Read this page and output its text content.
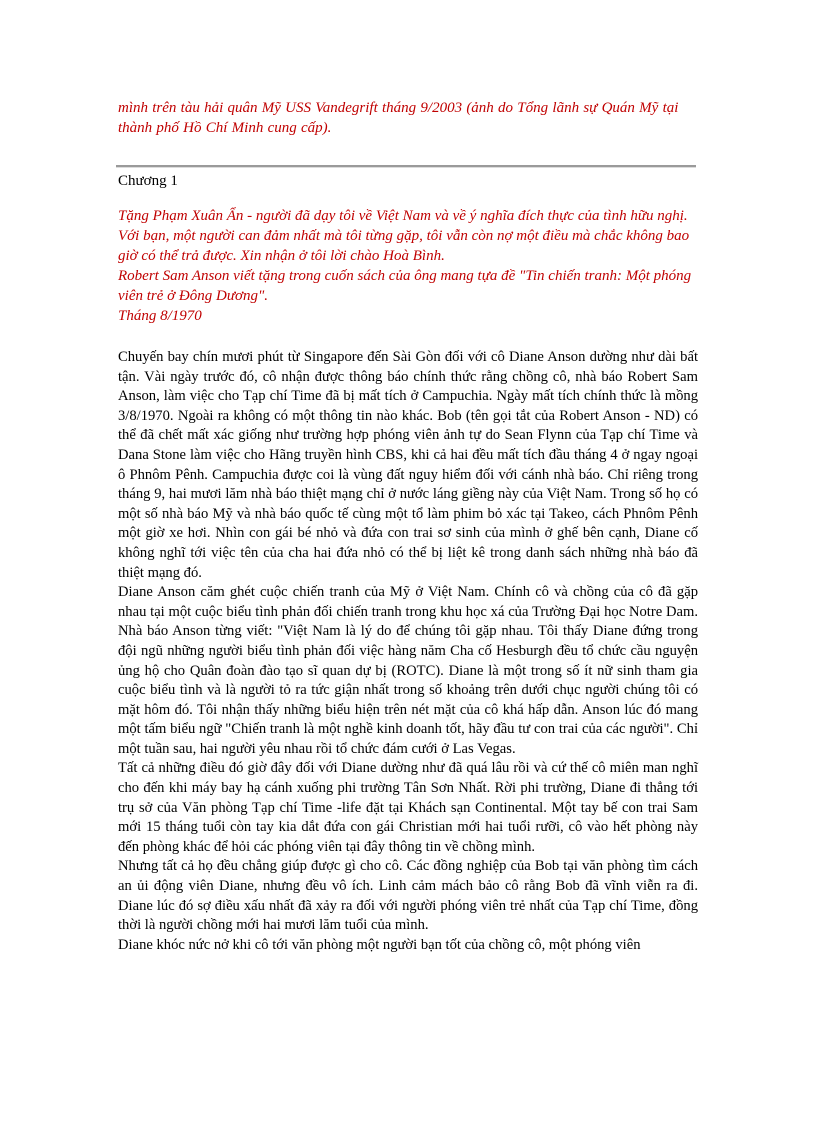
mình trên tàu hải quân Mỹ USS Vandegrift tháng 9/2003 (ảnh do Tổng lãnh sự Quán Mỹ tại thành phố Hồ Chí Minh cung cấp).

Chương 1

Tặng Phạm Xuân Ẩn - người đã dạy tôi về Việt Nam và về ý nghĩa đích thực của tình hữu nghị. Với bạn, một người can đảm nhất mà tôi từng gặp, tôi vẫn còn nợ một điều mà chắc không bao giờ có thể trả được. Xin nhận ở tôi lời chào Hoà Bình.

Robert Sam Anson viết tặng trong cuốn sách của ông mang tựa đề "Tin chiến tranh: Một phóng viên trẻ ở Đông Dương".

Tháng 8/1970

Chuyến bay chín mươi phút từ Singapore đến Sài Gòn đối với cô Diane Anson dường như dài bất tận. Vài ngày trước đó, cô nhận được thông báo chính thức rằng chồng cô, nhà báo Robert Sam Anson, làm việc cho Tạp chí Time đã bị mất tích ở Campuchia. Ngày mất tích chính thức là mồng 3/8/1970. Ngoài ra không có một thông tin nào khác. Bob (tên gọi tắt của Robert Anson - ND) có thể đã chết mất xác giống như trường hợp phóng viên ảnh tự do Sean Flynn của Tạp chí Time và Dana Stone làm việc cho Hãng truyền hình CBS, khi cả hai đều mất tích đầu tháng 4 ở ngay ngoại ô Phnôm Pênh. Campuchia được coi là vùng đất nguy hiểm đối với cánh nhà báo. Chỉ riêng trong tháng 9, hai mươi lăm nhà báo thiệt mạng chỉ ở nước láng giềng này của Việt Nam. Trong số họ có một số nhà báo Mỹ và nhà báo quốc tế cùng một tổ làm phim bỏ xác tại Takeo, cách Phnôm Pênh một giờ xe hơi. Nhìn con gái bé nhỏ và đứa con trai sơ sinh của mình ở ghế bên cạnh, Diane cố không nghĩ tới việc tên của cha hai đứa nhỏ có thể bị liệt kê trong danh sách những nhà báo đã thiệt mạng đó.

Diane Anson căm ghét cuộc chiến tranh của Mỹ ở Việt Nam. Chính cô và chồng của cô đã gặp nhau tại một cuộc biểu tình phản đối chiến tranh trong khu học xá của Trường Đại học Notre Dam. Nhà báo Anson từng viết: "Việt Nam là lý do để chúng tôi gặp nhau. Tôi thấy Diane đứng trong đội ngũ những người biểu tình phản đối việc hàng năm Cha cố Hesburgh đều tổ chức cầu nguyện ủng hộ cho Quân đoàn đào tạo sĩ quan dự bị (ROTC). Diane là một trong số ít nữ sinh tham gia cuộc biểu tình và là người tỏ ra tức giận nhất trong số khoảng trên dưới chục người chúng tôi có mặt hôm đó. Tôi nhận thấy những biểu hiện trên nét mặt của cô khá hấp dẫn. Anson lúc đó mang một tấm biểu ngữ "Chiến tranh là một nghề kinh doanh tốt, hãy đầu tư con trai của các người". Chỉ một tuần sau, hai người yêu nhau rồi tổ chức đám cưới ở Las Vegas.

Tất cả những điều đó giờ đây đối với Diane dường như đã quá lâu rồi và cứ thế cô miên man nghĩ cho đến khi máy bay hạ cánh xuống phi trường Tân Sơn Nhất. Rời phi trường, Diane đi thẳng tới trụ sở của Văn phòng Tạp chí Time -life đặt tại Khách sạn Continental. Một tay bế con trai Sam mới 15 tháng tuổi còn tay kia dắt đứa con gái Christian mới hai tuổi rưỡi, cô vào hết phòng này đến phòng khác để hỏi các phóng viên tại đây thông tin về chồng mình.

Nhưng tất cả họ đều chẳng giúp được gì cho cô. Các đồng nghiệp của Bob tại văn phòng tìm cách an ủi động viên Diane, nhưng đều vô ích. Linh cảm mách bảo cô rằng Bob đã vĩnh viễn ra đi. Diane lúc đó sợ điều xấu nhất đã xảy ra đối với người phóng viên trẻ nhất của Tạp chí Time, đồng thời là người chồng mới hai mươi lăm tuổi của mình.

Diane khóc nức nở khi cô tới văn phòng một người bạn tốt của chồng cô, một phóng viên
